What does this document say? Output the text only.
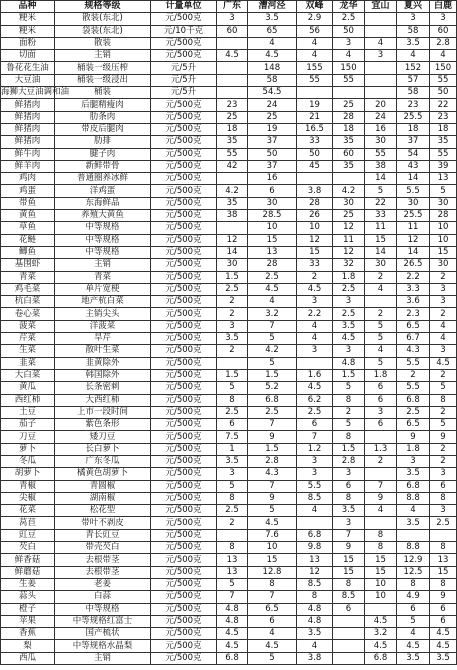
品种	规格等级	计量单位	广东	漕河泾	双峰	龙华	宜山	夏兴	白鹿
粳米	散装(东北)	元/500克	3	3.5	2.9	2.5		3	3
粳米	袋装(东北)	元/10千克	60	65	56	50		58	60
面粉	散装	元/500克		4	4	3	4	3.5	2.8
切面	主销	元/500克	4.5	4.5	4	4	3	4	4
鲁花花生油	桶装一级压榨	元/5升		148	155	150		152	150
大豆油	桶装一级浸出	元/5升		58	55	55		57	55
海狮大豆油调和油	桶装	元/5升		54.5				58	50
鲜猪肉	后腿精瘦肉	元/500克	23	24	19	25	20	23	22
鲜猪肉	肋条肉	元/500克	25	25	21	28	24	25.5	23
鲜猪肉	带皮后腿肉	元/500克	18	19	16.5	18	16	18	18
鲜猪肉	肋排	元/500克	35	37	33	35	30	37	35
鲜牛肉	腱子肉	元/500克	55	50	50	60	55	54	55
鲜羊肉	新鲜带骨	元/500克	42	37	45	35	38	43	39
鸡肉	普通圈养冰鲜	元/500克		16			14	14	13
鸡蛋	洋鸡蛋	元/500克	4.2	6	3.8	4.2	5	5.5	5
带鱼	东海鲜品	元/500克	35	30	28	30	22	30	30
黄鱼	养殖大黄鱼	元/500克	38	28.5	26	25	33	25.5	28
草鱼	中等规格	元/500克		10	10	12	11	11	10
花鲢	中等规格	元/500克	12	15	12	11	15	12	10
鲫鱼	中等规格	元/500克	14	13	15	12	14	14	15
基围虾	主销	元/500克	30	28	33	32	30	26.5	30
青菜	青菜	元/500克	1.5	2.5	2	1.8	2	2.2	2
鸡毛菜	单片宽梗	元/500克	2.5	4.5	4.5	2.5	4	3.3	3
杭白菜	地产杭白菜	元/500克	2	4	3	3		3.6	3
卷心菜	主销尖头	元/500克	2	3.2	2.2	2.5	2	2.3	2
菠菜	洋菠菜	元/500克	3	7	4	3.5	5	6.5	4
芹菜	旱芹	元/500克	3.5	5	4	4.5	5	6.7	4
生菜	散叶生菜	元/500克	2	4.2	3	3	4	4.3	3
韭菜	韭黄除外	元/500克		5		4.8	5	5.5	4.5
大白菜	韩国除外	元/500克	1.5	1.5	1.6	1.5	1.8	2	2
黄瓜	长条密刺	元/500克	5	5.2	4.5	5	6	5.5	5
西红柿	大西红柿	元/500克	8	6.8	6.2	8	6	6.8	8
土豆	上市一段时间	元/500克	2.5	2.5	2.5	2	3	2.5	2
茄子	紫色条形	元/500克	6	7	6	5	6	6.5	5
刀豆	矮刀豆	元/500克	7.5	9	7	8		9	9
萝卜	长白萝卜	元/500克	1	1.5	1.2	1.5	1.3	1.8	2
冬瓜	广东冬瓜	元/500克	3.5	2.8	3	2.8	2	3	2
胡萝卜	橘黄色胡萝卜	元/500克	3	4.3	3	3		3.5	3
青椒	青圆椒	元/500克	5	7	5.5	6	7	6.8	6
尖椒	湖南椒	元/500克	8	9	8.5	8	9	8.8	8
花菜	松花型	元/500克	2.5	5	4	3.5	4	4	3
莴苣	带叶不剥皮	元/500克	2	4.5		3		3.5	2.5
豇豆	青长豇豆	元/500克		7.6	6.8	7	8		
芡白	带壳芡白	元/500克	8	10	9.8	9	8	8.8	8
鲜香菇	去根带茎	元/500克	13	15	13	15	15	12.9	13
鲜蘑菇	去根带茎	元/500克	13	12.8	12	15	15	12.5	15
生姜	老姜	元/500克	5	8	8.5	8	10	8	8
蒜头	白蒜	元/500克	7	7	8	8.5	10	4.9	9
橙子	中等规格	元/500克	4.8	6.5	4.8	6		6	6
苹果	中等规格红富士	元/500克	4.8	6	4.8		4.5	5	6
香蕉	国产梳状	元/500克	4.5	4	3.5		3.2	4	4.5
梨	中等规格水晶梨	元/500克	4.5	4.5	4		4.5	4.5	4.5
西瓜	主销	元/500克	6.8	5	3.8		6.8	3.5	3.5
